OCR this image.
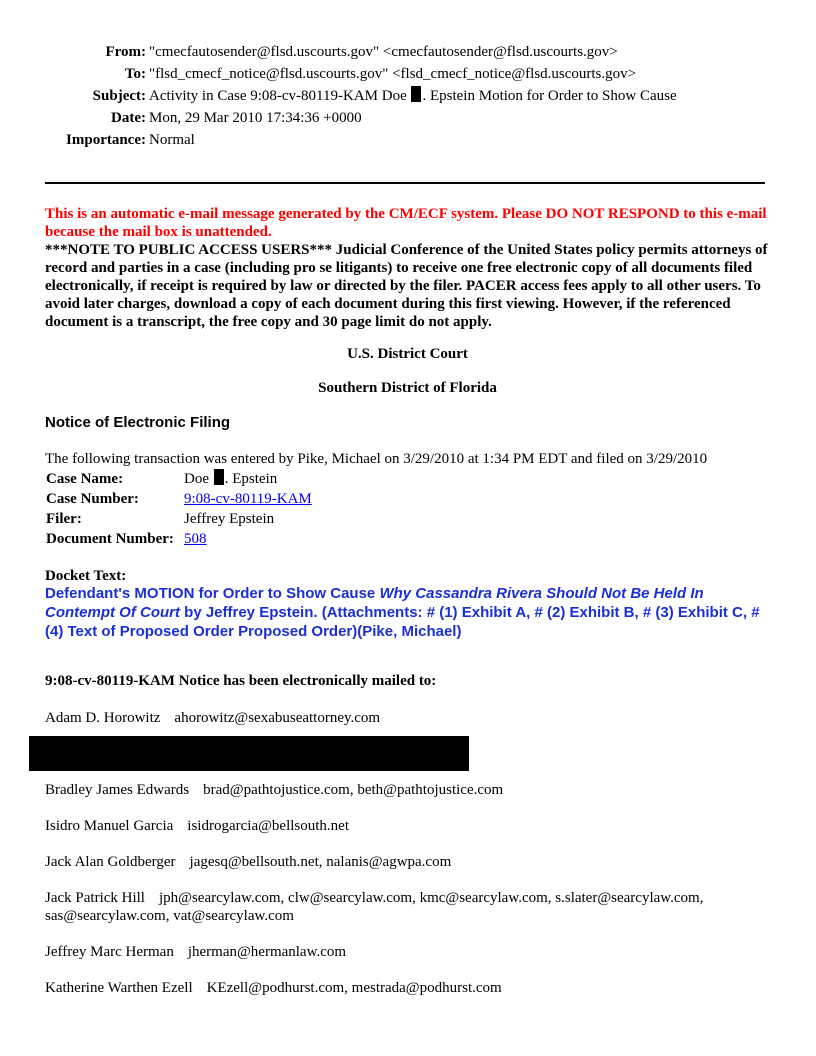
From: "cmecfautosender@flsd.uscourts.gov" <cmecfautosender@flsd.uscourts.gov>
To: "flsd_cmecf_notice@flsd.uscourts.gov" <flsd_cmecf_notice@flsd.uscourts.gov>
Subject: Activity in Case 9:08-cv-80119-KAM Doe . Epstein Motion for Order to Show Cause
Date: Mon, 29 Mar 2010 17:34:36 +0000
Importance: Normal
This is an automatic e-mail message generated by the CM/ECF system. Please DO NOT RESPOND to this e-mail because the mail box is unattended.
***NOTE TO PUBLIC ACCESS USERS*** Judicial Conference of the United States policy permits attorneys of record and parties in a case (including pro se litigants) to receive one free electronic copy of all documents filed electronically, if receipt is required by law or directed by the filer. PACER access fees apply to all other users. To avoid later charges, download a copy of each document during this first viewing. However, if the referenced document is a transcript, the free copy and 30 page limit do not apply.
U.S. District Court
Southern District of Florida
Notice of Electronic Filing
The following transaction was entered by Pike, Michael on 3/29/2010 at 1:34 PM EDT and filed on 3/29/2010
Case Name:	Doe . Epstein
Case Number:	9:08-cv-80119-KAM
Filer:	Jeffrey Epstein
Document Number: 508
Docket Text:
Defendant's MOTION for Order to Show Cause Why Cassandra Rivera Should Not Be Held In Contempt Of Court by Jeffrey Epstein. (Attachments: # (1) Exhibit A, # (2) Exhibit B, # (3) Exhibit C, # (4) Text of Proposed Order Proposed Order)(Pike, Michael)
9:08-cv-80119-KAM Notice has been electronically mailed to:
Adam D. Horowitz ahorowitz@sexabuseattorney.com
Bradley James Edwards brad@pathtojustice.com, beth@pathtojustice.com
Isidro Manuel Garcia isidrogarcia@bellsouth.net
Jack Alan Goldberger jagesq@bellsouth.net, nalanis@agwpa.com
Jack Patrick Hill jph@searcylaw.com, clw@searcylaw.com, kmc@searcylaw.com, s.slater@searcylaw.com, sas@searcylaw.com, vat@searcylaw.com
Jeffrey Marc Herman jherman@hermanlaw.com
Katherine Warthen Ezell KEzell@podhurst.com, mestrada@podhurst.com
